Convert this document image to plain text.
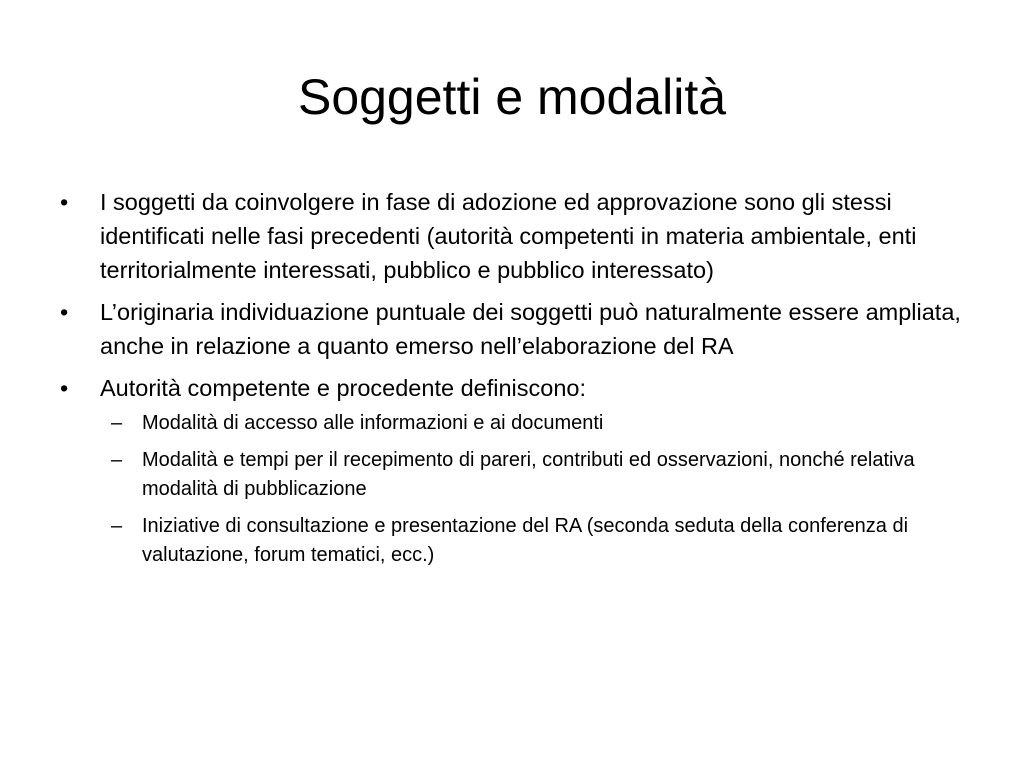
Soggetti e modalità
• I soggetti da coinvolgere in fase di adozione ed approvazione sono gli stessi identificati nelle fasi precedenti (autorità competenti in materia ambientale, enti territorialmente interessati, pubblico e pubblico interessato)
• L’originaria individuazione puntuale dei soggetti può naturalmente essere ampliata, anche in relazione a quanto emerso nell’elaborazione del RA
• Autorità competente e procedente definiscono:
– Modalità di accesso alle informazioni e ai documenti
– Modalità e tempi per il recepimento di pareri, contributi ed osservazioni, nonché relativa modalità di pubblicazione
– Iniziative di consultazione e presentazione del RA (seconda seduta della conferenza di valutazione, forum tematici, ecc.)
